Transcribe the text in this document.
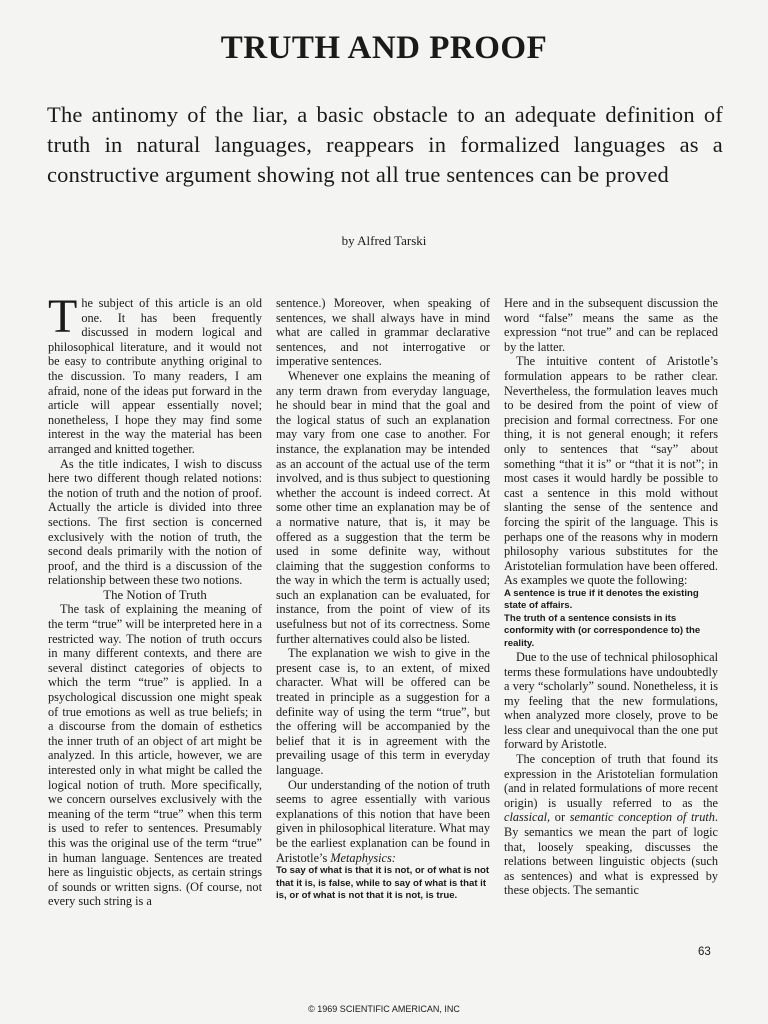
TRUTH AND PROOF
The antinomy of the liar, a basic obstacle to an adequate definition of truth in natural languages, reappears in formalized languages as a constructive argument showing not all true sentences can be proved
by Alfred Tarski

The subject of this article is an old one. It has been frequently discussed in modern logical and philosophical literature, and it would not be easy to contribute anything original to the discussion. To many readers, I am afraid, none of the ideas put forward in the article will appear essentially novel; nonetheless, I hope they may find some interest in the way the material has been arranged and knitted together.

As the title indicates, I wish to discuss here two different though related notions: the notion of truth and the notion of proof. Actually the article is divided into three sections. The first section is concerned exclusively with the notion of truth, the second deals primarily with the notion of proof, and the third is a discussion of the relationship between these two notions.

The Notion of Truth

The task of explaining the meaning of the term “true” will be interpreted here in a restricted way. The notion of truth occurs in many different contexts, and there are several distinct categories of objects to which the term “true” is applied. In a psychological discussion one might speak of true emotions as well as true beliefs; in a discourse from the domain of esthetics the inner truth of an object of art might be analyzed. In this article, however, we are interested only in what might be called the logical notion of truth. More specifically, we concern ourselves exclusively with the meaning of the term “true” when this term is used to refer to sentences. Presumably this was the original use of the term “true” in human language. Sentences are treated here as linguistic objects, as certain strings of sounds or written signs. (Of course, not every such string is a

sentence.) Moreover, when speaking of sentences, we shall always have in mind what are called in grammar declarative sentences, and not interrogative or imperative sentences.

Whenever one explains the meaning of any term drawn from everyday language, he should bear in mind that the goal and the logical status of such an explanation may vary from one case to another. For instance, the explanation may be intended as an account of the actual use of the term involved, and is thus subject to questioning whether the account is indeed correct. At some other time an explanation may be of a normative nature, that is, it may be offered as a suggestion that the term be used in some definite way, without claiming that the suggestion conforms to the way in which the term is actually used; such an explanation can be evaluated, for instance, from the point of view of its usefulness but not of its correctness. Some further alternatives could also be listed.

The explanation we wish to give in the present case is, to an extent, of mixed character. What will be offered can be treated in principle as a suggestion for a definite way of using the term “true”, but the offering will be accompanied by the belief that it is in agreement with the prevailing usage of this term in everyday language.

Our understanding of the notion of truth seems to agree essentially with various explanations of this notion that have been given in philosophical literature. What may be the earliest explanation can be found in Aristotle’s Metaphysics:

To say of what is that it is not, or of what is not that it is, is false, while to say of what is that it is, or of what is not that it is not, is true.

Here and in the subsequent discussion the word “false” means the same as the expression “not true” and can be replaced by the latter.

The intuitive content of Aristotle’s formulation appears to be rather clear. Nevertheless, the formulation leaves much to be desired from the point of view of precision and formal correctness. For one thing, it is not general enough; it refers only to sentences that “say” about something “that it is” or “that it is not”; in most cases it would hardly be possible to cast a sentence in this mold without slanting the sense of the sentence and forcing the spirit of the language. This is perhaps one of the reasons why in modern philosophy various substitutes for the Aristotelian formulation have been offered. As examples we quote the following:

A sentence is true if it denotes the existing state of affairs.

The truth of a sentence consists in its conformity with (or correspondence to) the reality.

Due to the use of technical philosophical terms these formulations have undoubtedly a very “scholarly” sound. Nonetheless, it is my feeling that the new formulations, when analyzed more closely, prove to be less clear and unequivocal than the one put forward by Aristotle.

The conception of truth that found its expression in the Aristotelian formulation (and in related formulations of more recent origin) is usually referred to as the classical, or semantic conception of truth. By semantics we mean the part of logic that, loosely speaking, discusses the relations between linguistic objects (such as sentences) and what is expressed by these objects. The semantic

63
© 1969 SCIENTIFIC AMERICAN, INC
